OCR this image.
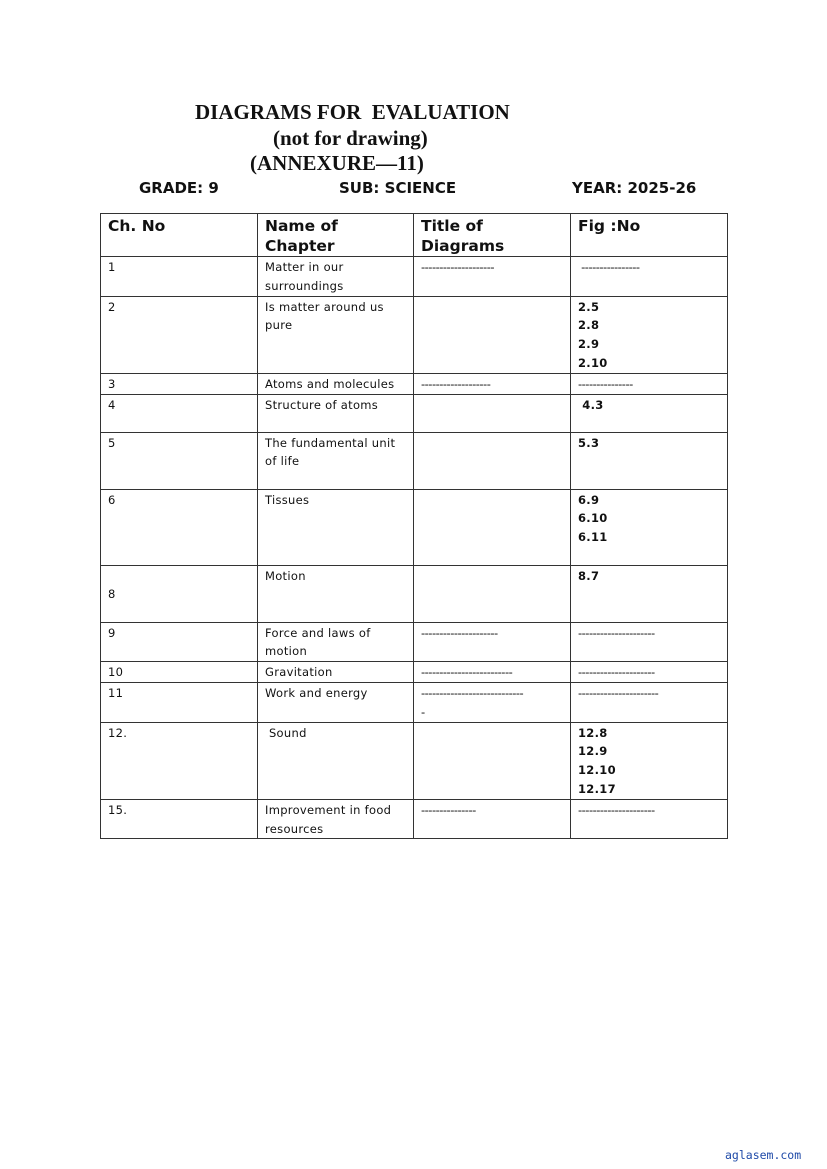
DIAGRAMS FOR  EVALUATION
(not for drawing)
(ANNEXURE—11)
GRADE: 9	SUB: SCIENCE	YEAR: 2025-26
Ch. No	Name of Chapter	Title of Diagrams	Fig :No

1	Matter in our
surroundings	--------------------	----------------

2	Is matter around us
pure		2.5
2.8
2.9
2.10

3	Atoms and molecules	-------------------	---------------

4	Structure of atoms		4.3

5	The fundamental unit
of life		5.3

6	Tissues		6.9
6.10
6.11

8	Motion		8.7

9	Force and laws of
motion	---------------------	---------------------

10	Gravitation	-------------------------	---------------------

11	Work and energy	----------------------------
-	----------------------

12.	Sound		12.8
12.9
12.10
12.17

15.	Improvement in food
resources	---------------	---------------------
aglasem.com
